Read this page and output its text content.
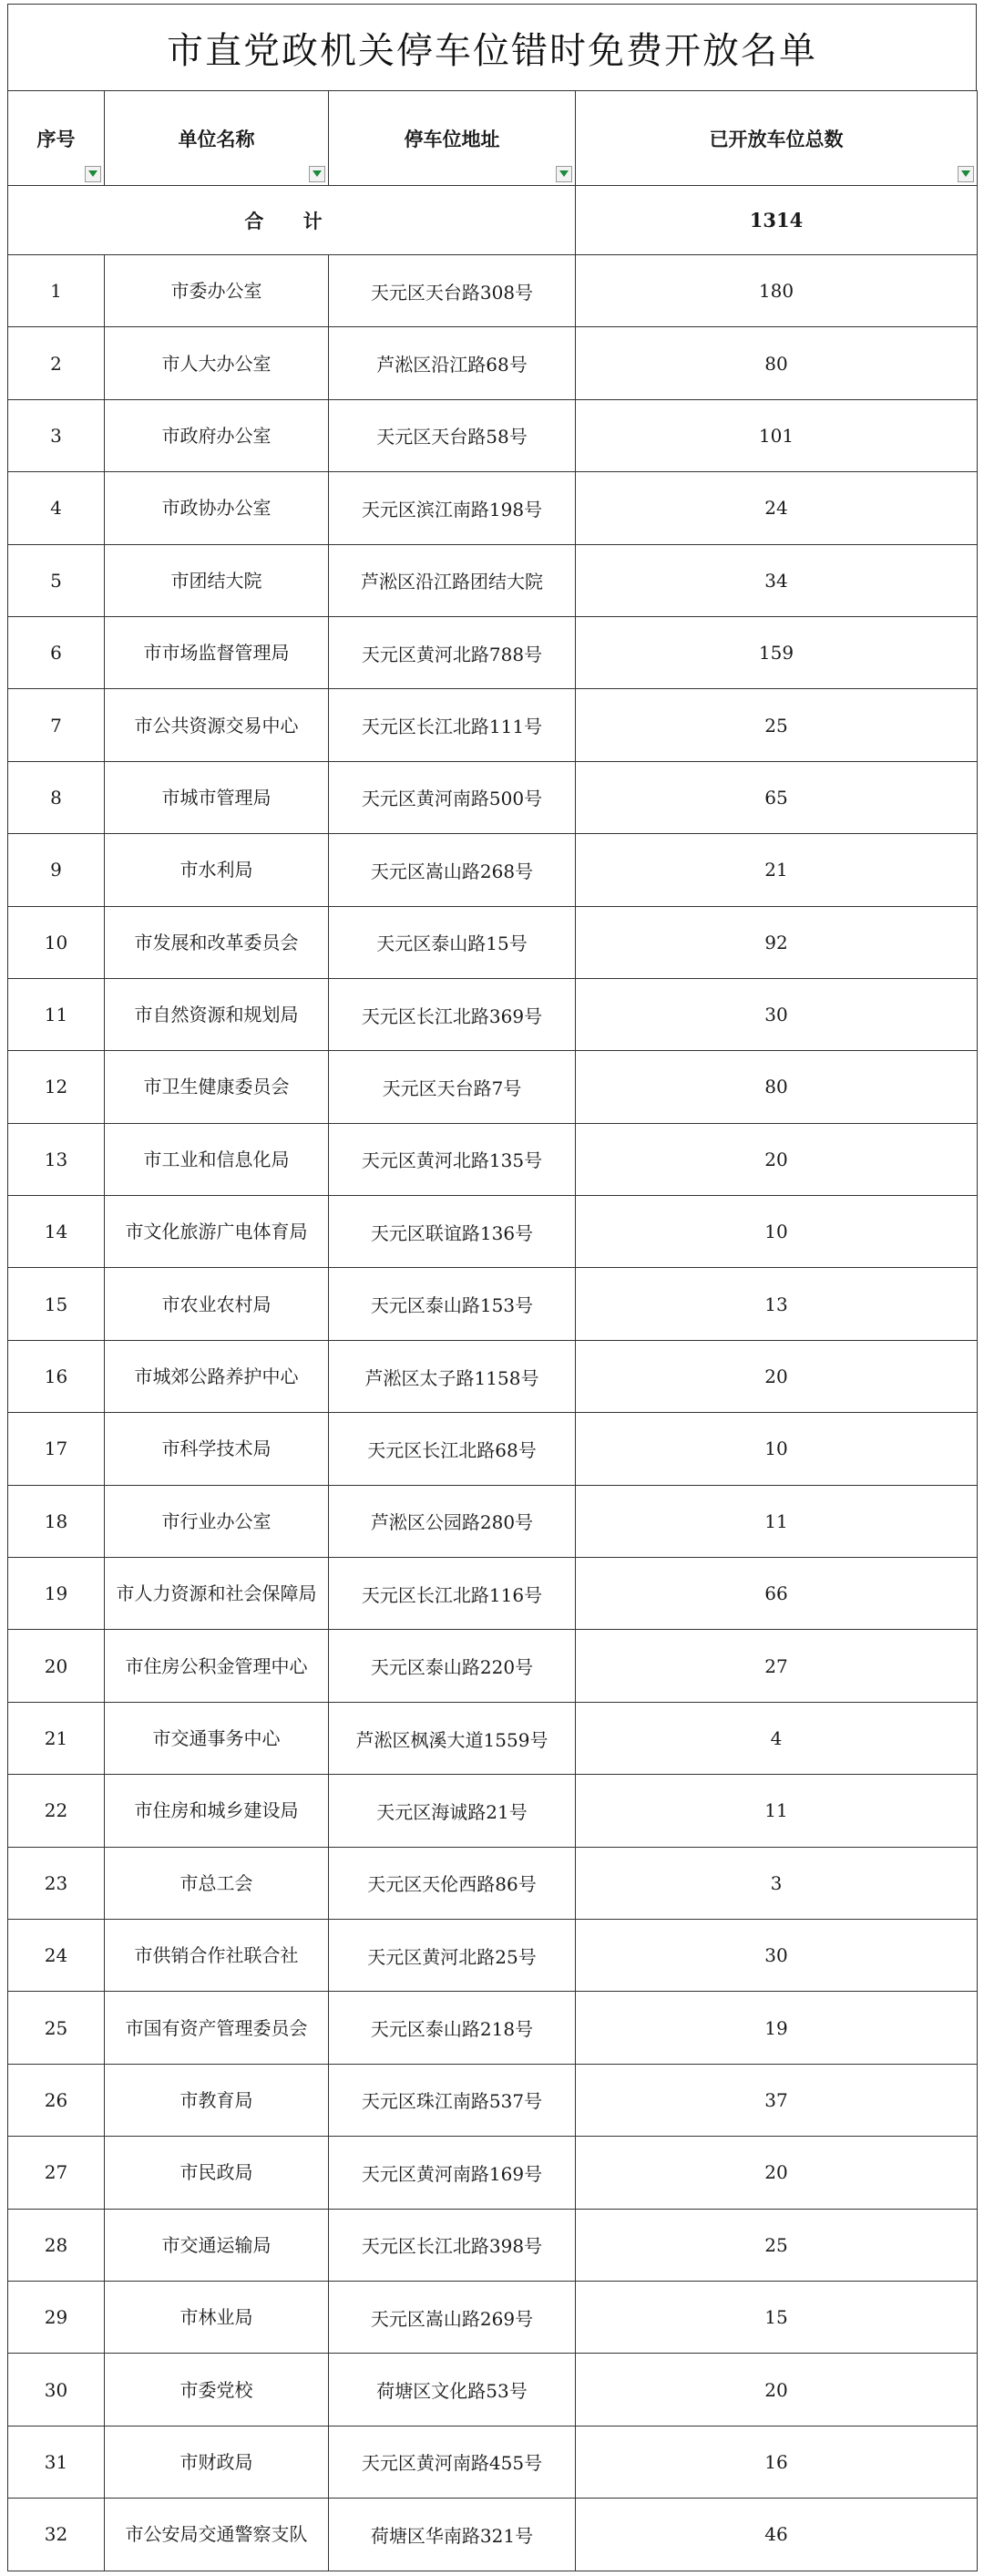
市直党政机关停车位错时免费开放名单
序号	单位名称	停车位地址	已开放车位总数

合 计			1314
1	市委办公室	天元区天台路308号	180
2	市人大办公室	芦淞区沿江路68号	80
3	市政府办公室	天元区天台路58号	101
4	市政协办公室	天元区滨江南路198号	24
5	市团结大院	芦淞区沿江路团结大院	34
6	市市场监督管理局	天元区黄河北路788号	159
7	市公共资源交易中心	天元区长江北路111号	25
8	市城市管理局	天元区黄河南路500号	65
9	市水利局	天元区嵩山路268号	21
10	市发展和改革委员会	天元区泰山路15号	92
11	市自然资源和规划局	天元区长江北路369号	30
12	市卫生健康委员会	天元区天台路7号	80
13	市工业和信息化局	天元区黄河北路135号	20
14	市文化旅游广电体育局	天元区联谊路136号	10
15	市农业农村局	天元区泰山路153号	13
16	市城郊公路养护中心	芦淞区太子路1158号	20
17	市科学技术局	天元区长江北路68号	10
18	市行业办公室	芦淞区公园路280号	11
19	市人力资源和社会保障局	天元区长江北路116号	66
20	市住房公积金管理中心	天元区泰山路220号	27
21	市交通事务中心	芦淞区枫溪大道1559号	4
22	市住房和城乡建设局	天元区海诚路21号	11
23	市总工会	天元区天伦西路86号	3
24	市供销合作社联合社	天元区黄河北路25号	30
25	市国有资产管理委员会	天元区泰山路218号	19
26	市教育局	天元区珠江南路537号	37
27	市民政局	天元区黄河南路169号	20
28	市交通运输局	天元区长江北路398号	25
29	市林业局	天元区嵩山路269号	15
30	市委党校	荷塘区文化路53号	20
31	市财政局	天元区黄河南路455号	16
32	市公安局交通警察支队	荷塘区华南路321号	46
